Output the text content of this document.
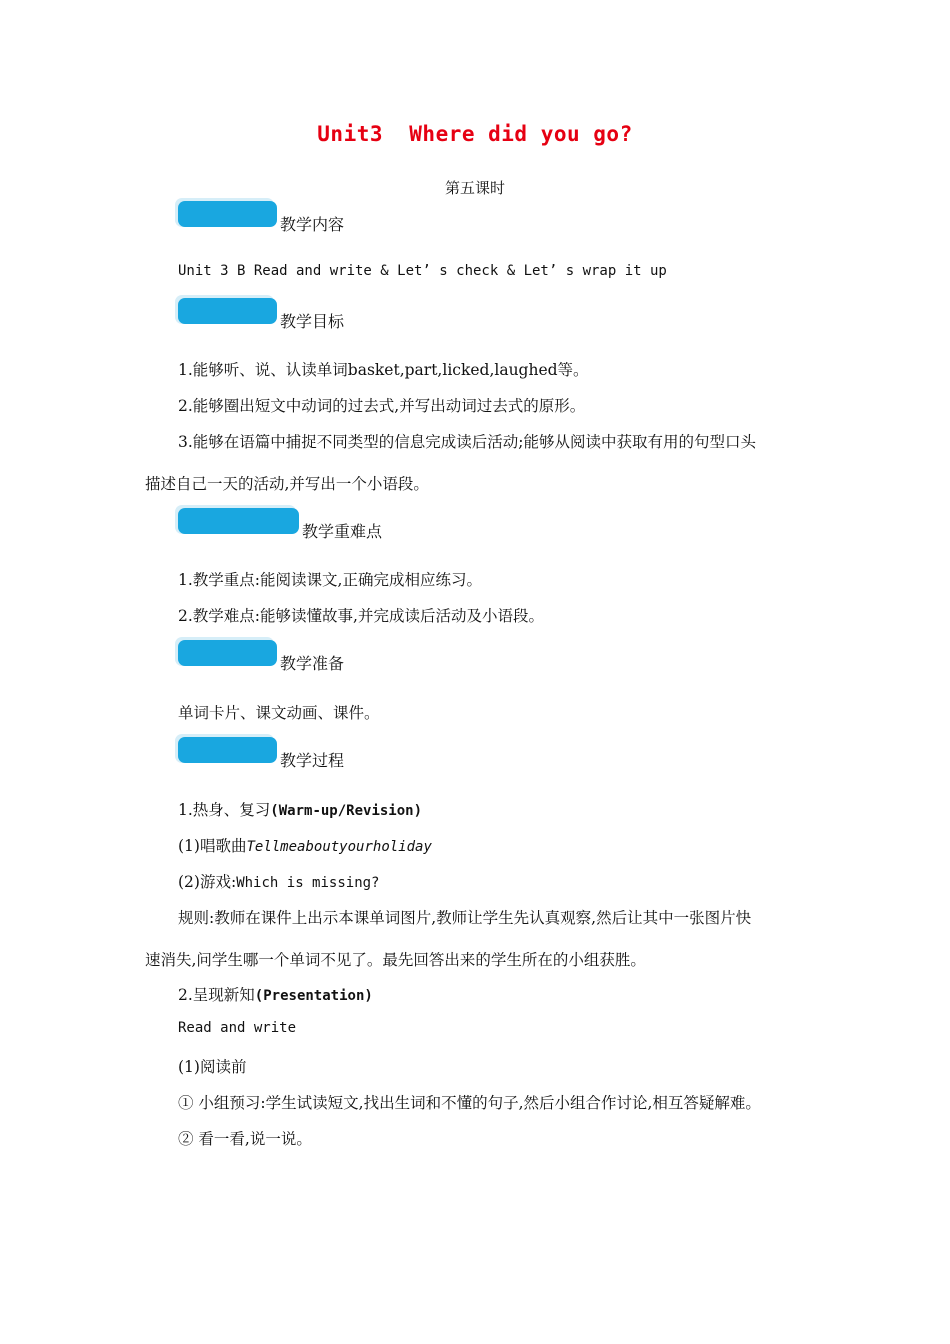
Unit3  Where did you go?
第五课时
教学内容
Unit 3 B Read and write & Let’ s check & Let’ s wrap it up
教学目标
1.能够听、说、认读单词basket,part,licked,laughed等。
2.能够圈出短文中动词的过去式,并写出动词过去式的原形。
3.能够在语篇中捕捉不同类型的信息完成读后活动;能够从阅读中获取有用的句型口头
描述自己一天的活动,并写出一个小语段。
教学重难点
1.教学重点:能阅读课文,正确完成相应练习。
2.教学难点:能够读懂故事,并完成读后活动及小语段。
教学准备
单词卡片、课文动画、课件。
教学过程
1.热身、复习(Warm-up/Revision)
(1)唱歌曲Tellmeaboutyourholiday
(2)游戏:Which is missing?
规则:教师在课件上出示本课单词图片,教师让学生先认真观察,然后让其中一张图片快
速消失,问学生哪一个单词不见了。最先回答出来的学生所在的小组获胜。
2.呈现新知(Presentation)
Read and write
(1)阅读前
① 小组预习:学生试读短文,找出生词和不懂的句子,然后小组合作讨论,相互答疑解难。
② 看一看,说一说。
